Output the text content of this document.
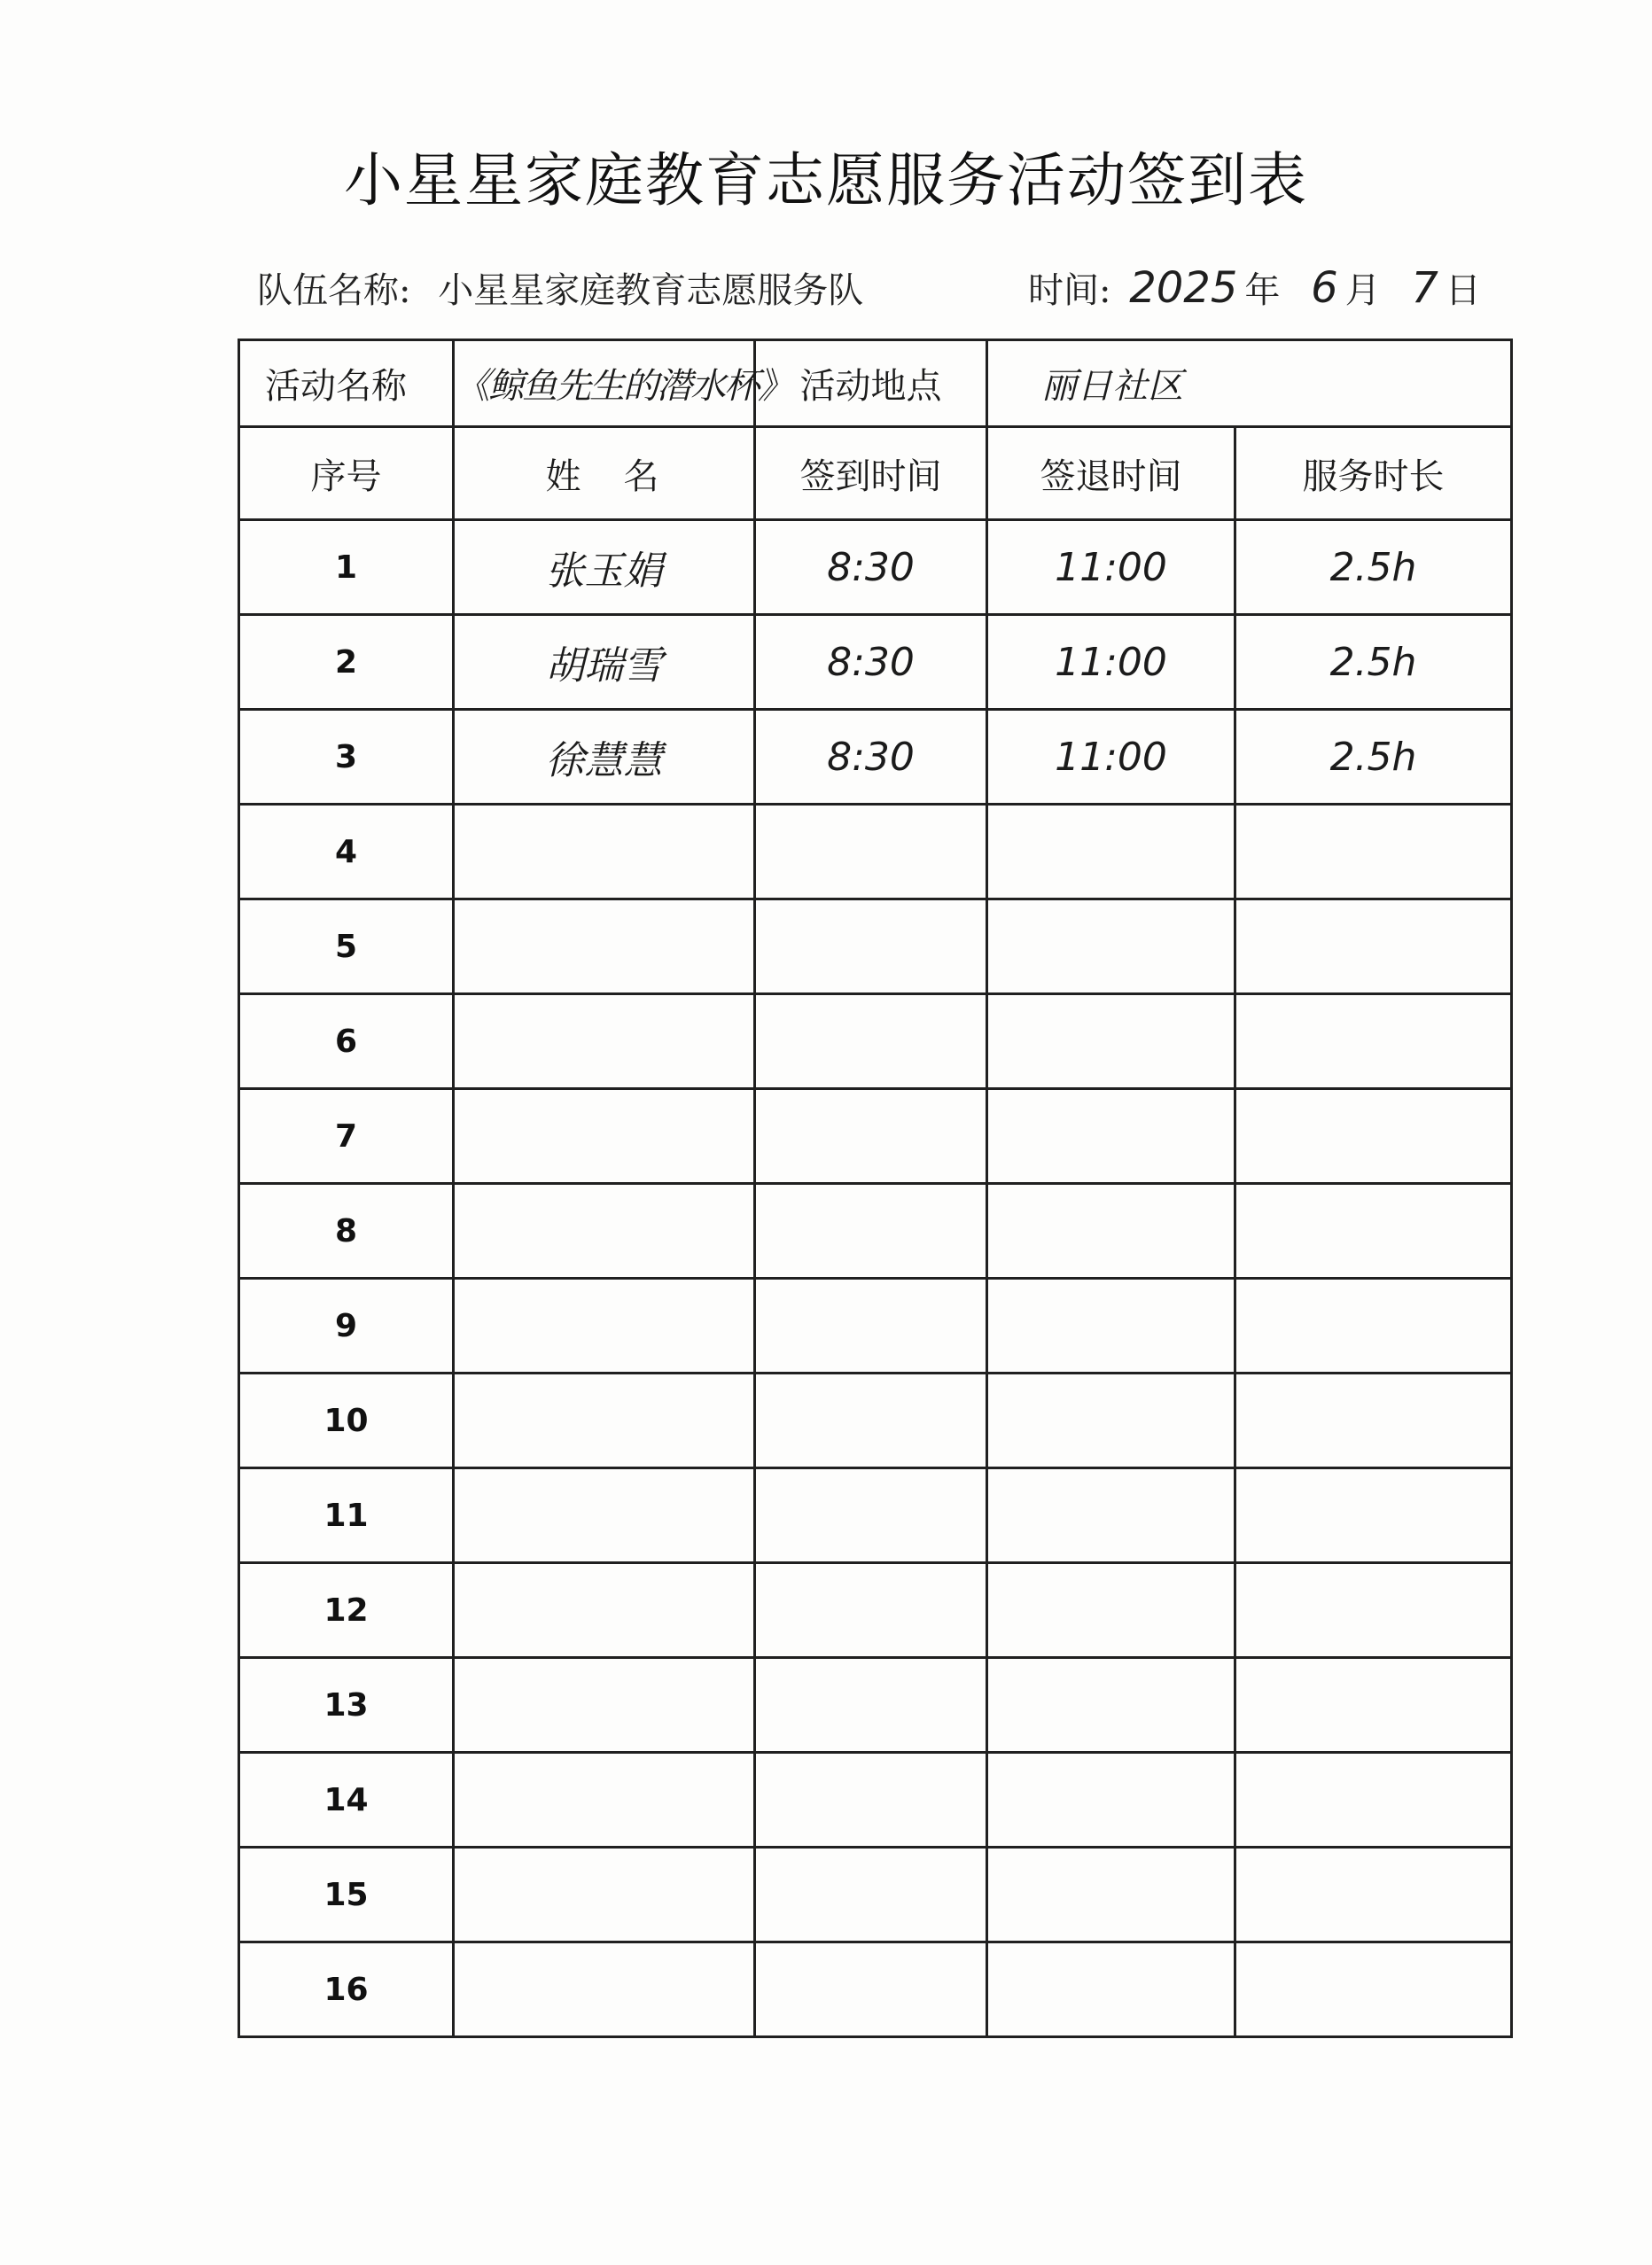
小星星家庭教育志愿服务活动签到表
队伍名称: 小星星家庭教育志愿服务队	时间: 2025 年 6 月 7 日
活动名称	《鲸鱼先生的潜水杯》	活动地点	丽日社区	
序号	姓　名	签到时间	签退时间	服务时长
1	张玉娟	8:30	11:00	2.5h
2	胡瑞雪	8:30	11:00	2.5h
3	徐慧慧	8:30	11:00	2.5h
4				
5				
6				
7				
8				
9				
10				
11				
12				
13				
14				
15				
16				
